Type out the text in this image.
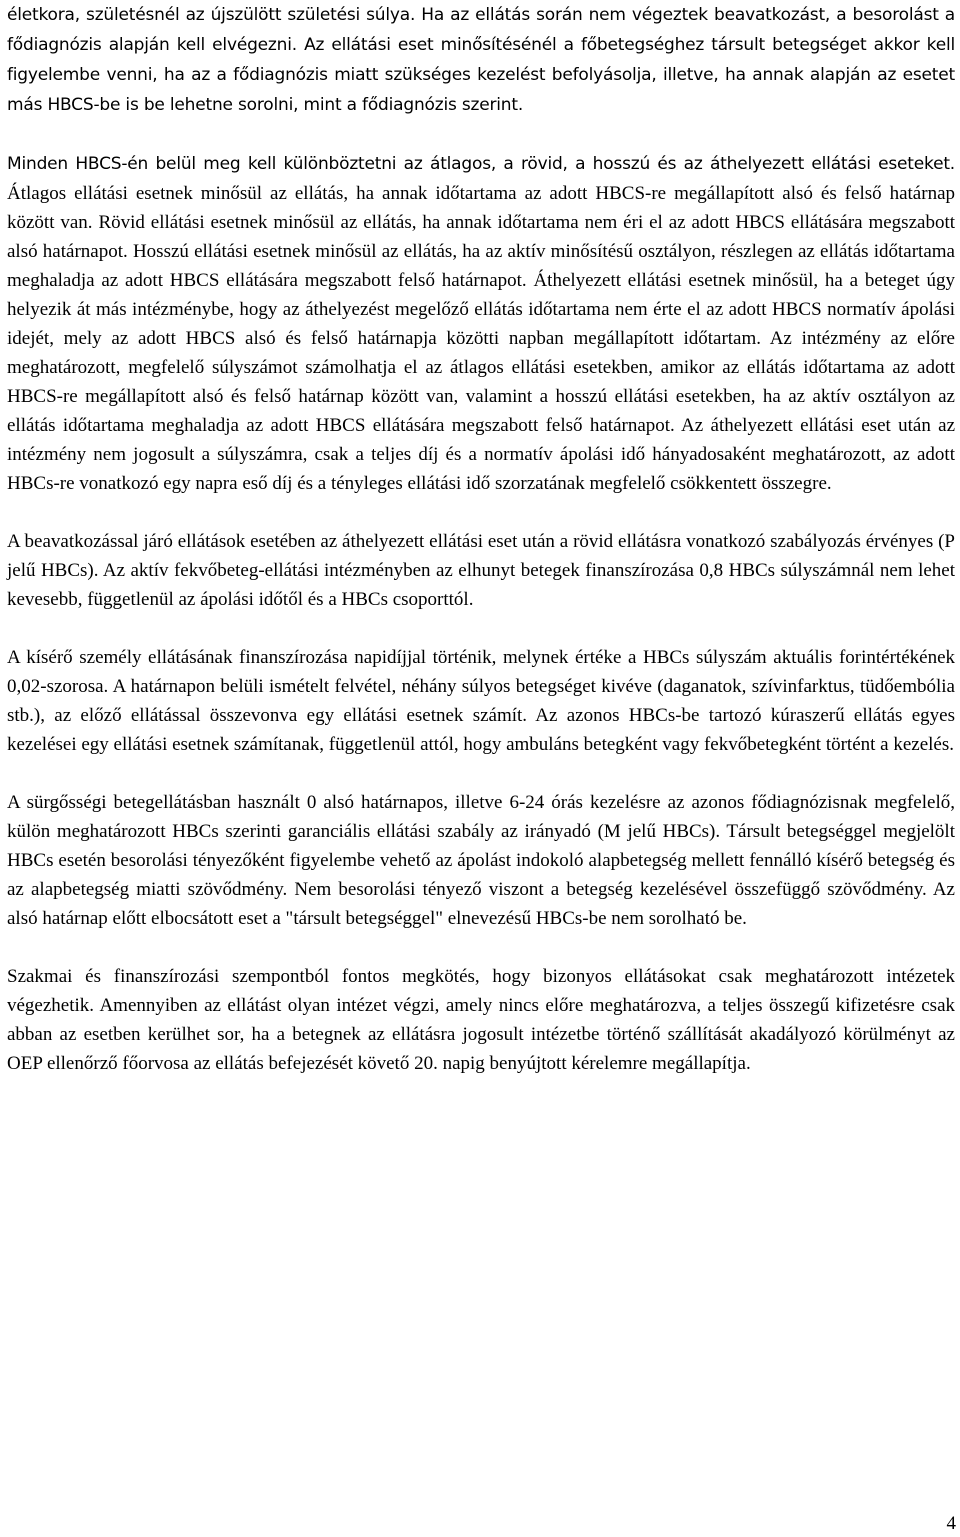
életkora, születésnél az újszülött születési súlya. Ha az ellátás során nem végeztek beavatkozást, a besorolást a fődiagnózis alapján kell elvégezni. Az ellátási eset minősítésénél a főbetegséghez társult betegséget akkor kell figyelembe venni, ha az a fődiagnózis miatt szükséges kezelést befolyásolja, illetve, ha annak alapján az esetet más HBCS-be is be lehetne sorolni, mint a fődiagnózis szerint.

Minden HBCS-én belül meg kell különböztetni az átlagos, a rövid, a hosszú és az áthelyezett ellátási eseteket. Átlagos ellátási esetnek minősül az ellátás, ha annak időtartama az adott HBCS-re megállapított alsó és felső határnap között van. Rövid ellátási esetnek minősül az ellátás, ha annak időtartama nem éri el az adott HBCS ellátására megszabott alsó határnapot. Hosszú ellátási esetnek minősül az ellátás, ha az aktív minősítésű osztályon, részlegen az ellátás időtartama meghaladja az adott HBCS ellátására megszabott felső határnapot. Áthelyezett ellátási esetnek minősül, ha a beteget úgy helyezik át más intézménybe, hogy az áthelyezést megelőző ellátás időtartama nem érte el az adott HBCS normatív ápolási idejét, mely az adott HBCS alsó és felső határnapja közötti napban megállapított időtartam. Az intézmény az előre meghatározott, megfelelő súlyszámot számolhatja el az átlagos ellátási esetekben, amikor az ellátás időtartama az adott HBCS-re megállapított alsó és felső határnap között van, valamint a hosszú ellátási esetekben, ha az aktív osztályon az ellátás időtartama meghaladja az adott HBCS ellátására megszabott felső határnapot. Az áthelyezett ellátási eset után az intézmény nem jogosult a súlyszámra, csak a teljes díj és a normatív ápolási idő hányadosaként meghatározott, az adott HBCs-re vonatkozó egy napra eső díj és a tényleges ellátási idő szorzatának megfelelő csökkentett összegre.

A beavatkozással járó ellátások esetében az áthelyezett ellátási eset után a rövid ellátásra vonatkozó szabályozás érvényes (P jelű HBCs). Az aktív fekvőbeteg-ellátási intézményben az elhunyt betegek finanszírozása 0,8 HBCs súlyszámnál nem lehet kevesebb, függetlenül az ápolási időtől és a HBCs csoporttól.

A kísérő személy ellátásának finanszírozása napidíjjal történik, melynek értéke a HBCs súlyszám aktuális forintértékének 0,02-szorosa. A határnapon belüli ismételt felvétel, néhány súlyos betegséget kivéve (daganatok, szívinfarktus, tüdőembólia stb.), az előző ellátással összevonva egy ellátási esetnek számít. Az azonos HBCs-be tartozó kúraszerű ellátás egyes kezelései egy ellátási esetnek számítanak, függetlenül attól, hogy ambuláns betegként vagy fekvőbetegként történt a kezelés.

A sürgősségi betegellátásban használt 0 alsó határnapos, illetve 6-24 órás kezelésre az azonos fődiagnózisnak megfelelő, külön meghatározott HBCs szerinti garanciális ellátási szabály az irányadó (M jelű HBCs). Társult betegséggel megjelölt HBCs esetén besorolási tényezőként figyelembe vehető az ápolást indokoló alapbetegség mellett fennálló kísérő betegség és az alapbetegség miatti szövődmény. Nem besorolási tényező viszont a betegség kezelésével összefüggő szövődmény. Az alsó határnap előtt elbocsátott eset a "társult betegséggel" elnevezésű HBCs-be nem sorolható be.

Szakmai és finanszírozási szempontból fontos megkötés, hogy bizonyos ellátásokat csak meghatározott intézetek végezhetik. Amennyiben az ellátást olyan intézet végzi, amely nincs előre meghatározva, a teljes összegű kifizetésre csak abban az esetben kerülhet sor, ha a betegnek az ellátásra jogosult intézetbe történő szállítását akadályozó körülményt az OEP ellenőrző főorvosa az ellátás befejezését követő 20. napig benyújtott kérelemre megállapítja.

4
